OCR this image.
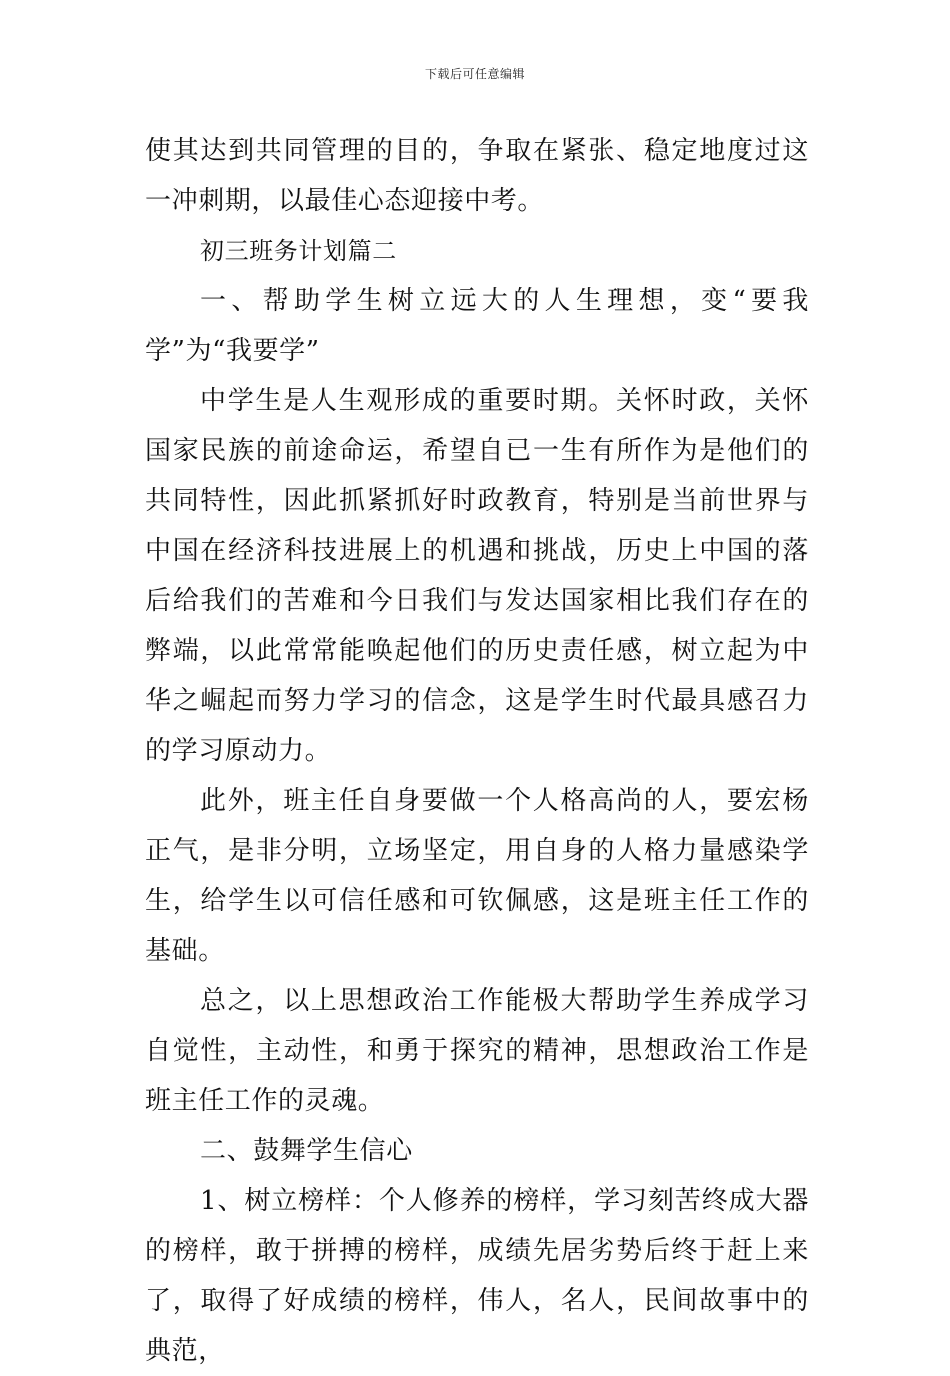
下载后可任意编辑

使其达到共同管理的目的，争取在紧张、稳定地度过这一冲刺期，以最佳心态迎接中考。

初三班务计划篇二

一、帮助学生树立远大的人生理想，变“要我学”为“我要学”

中学生是人生观形成的重要时期。关怀时政，关怀国家民族的前途命运，希望自已一生有所作为是他们的共同特性，因此抓紧抓好时政教育，特别是当前世界与中国在经济科技进展上的机遇和挑战，历史上中国的落后给我们的苦难和今日我们与发达国家相比我们存在的弊端，以此常常能唤起他们的历史责任感，树立起为中华之崛起而努力学习的信念，这是学生时代最具感召力的学习原动力。

此外，班主任自身要做一个人格高尚的人，要宏杨正气，是非分明，立场坚定，用自身的人格力量感染学生，给学生以可信任感和可钦佩感，这是班主任工作的基础。

总之，以上思想政治工作能极大帮助学生养成学习自觉性，主动性，和勇于探究的精神，思想政治工作是班主任工作的灵魂。

二、鼓舞学生信心

1、树立榜样：个人修养的榜样，学习刻苦终成大器的榜样，敢于拼搏的榜样，成绩先居劣势后终于赶上来了，取得了好成绩的榜样，伟人，名人，民间故事中的典范，
